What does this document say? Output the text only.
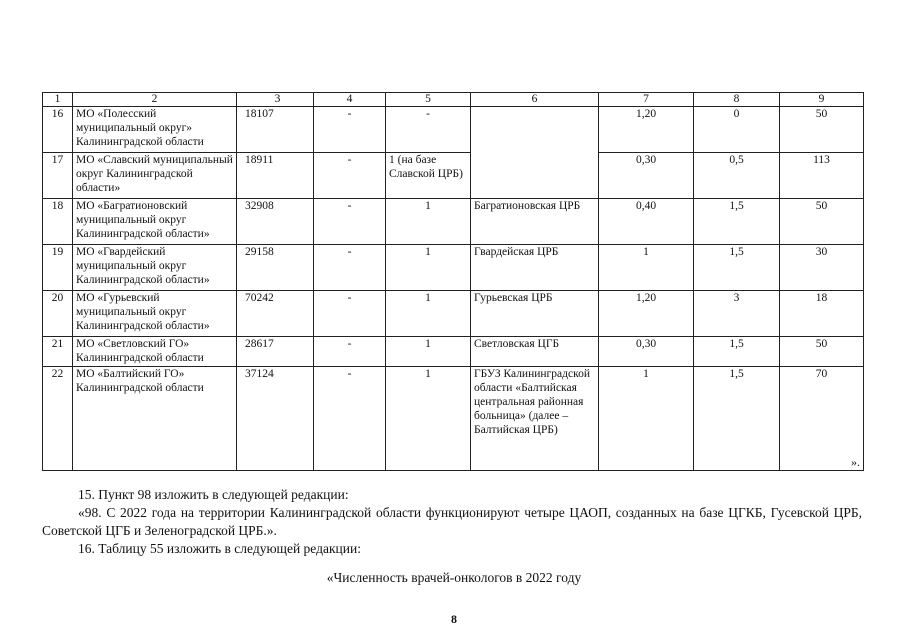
1	2	3	4	5	6	7	8	9
16	МО «Полесский муниципальный округ» Калининградской области	18107	-	-		1,20	0	50
17	МО «Славский муниципальный округ Калининградской области»	18911	-	1 (на базе Славской ЦРБ)		0,30	0,5	113
18	МО «Багратионовский муниципальный округ Калининградской области»	32908	-	1	Багратионовская ЦРБ	0,40	1,5	50
19	МО «Гвардейский муниципальный округ Калининградской области»	29158	-	1	Гвардейская ЦРБ	1	1,5	30
20	МО «Гурьевский муниципальный округ Калининградской области»	70242	-	1	Гурьевская ЦРБ	1,20	3	18
21	МО «Светловский ГО» Калининградской области	28617	-	1	Светловская ЦГБ	0,30	1,5	50
22	МО «Балтийский ГО» Калининградской области	37124	-	1	ГБУЗ Калининградской области «Балтийская центральная районная больница» (далее – Балтийская ЦРБ)	1	1,5	70
».
15. Пункт 98 изложить в следующей редакции:
«98. С 2022 года на территории Калининградской области функционируют четыре ЦАОП, созданных на базе ЦГКБ, Гусевской ЦРБ, Советской ЦГБ и Зеленоградской ЦРБ.».
16. Таблицу 55 изложить в следующей редакции:
«Численность врачей-онкологов в 2022 году
8
